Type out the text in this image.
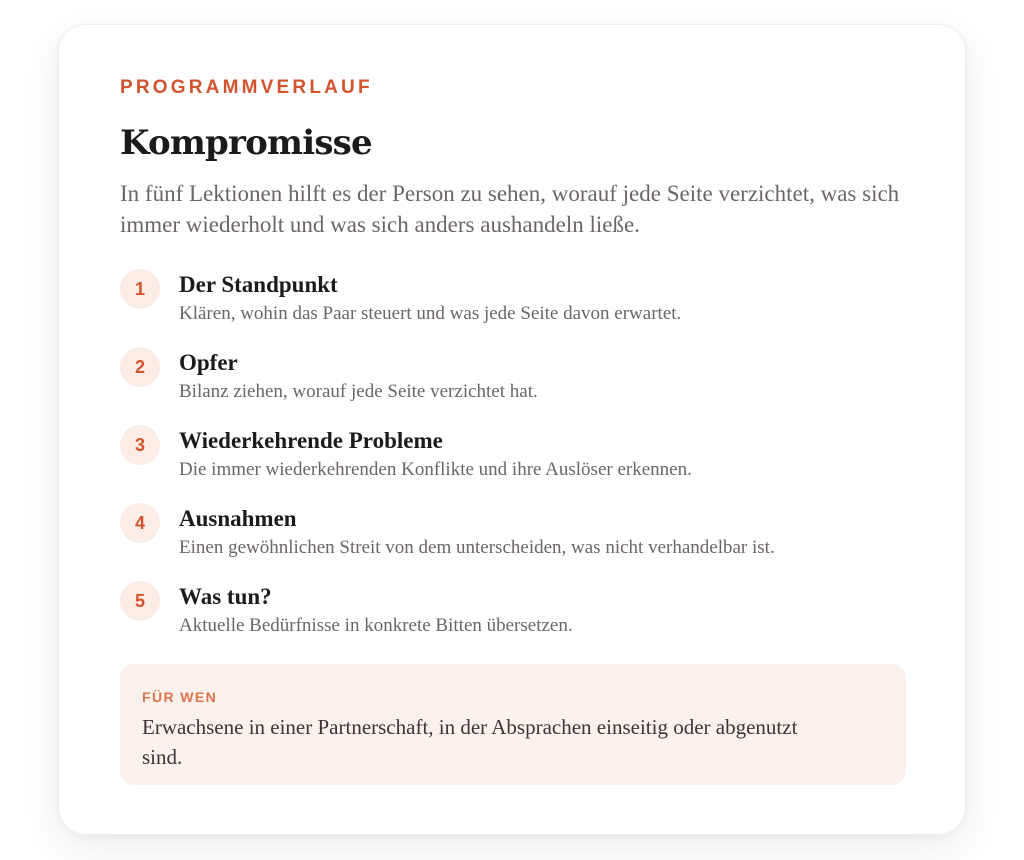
PROGRAMMVERLAUF

Kompromisse

In fünf Lektionen hilft es der Person zu sehen, worauf jede Seite verzichtet, was sich immer wiederholt und was sich anders aushandeln ließe.

1	Der Standpunkt
Klären, wohin das Paar steuert und was jede Seite davon erwartet.
2	Opfer
Bilanz ziehen, worauf jede Seite verzichtet hat.
3	Wiederkehrende Probleme
Die immer wiederkehrenden Konflikte und ihre Auslöser erkennen.
4	Ausnahmen
Einen gewöhnlichen Streit von dem unterscheiden, was nicht verhandelbar ist.
5	Was tun?
Aktuelle Bedürfnisse in konkrete Bitten übersetzen.

FÜR WEN

Erwachsene in einer Partnerschaft, in der Absprachen einseitig oder abgenutzt sind.
